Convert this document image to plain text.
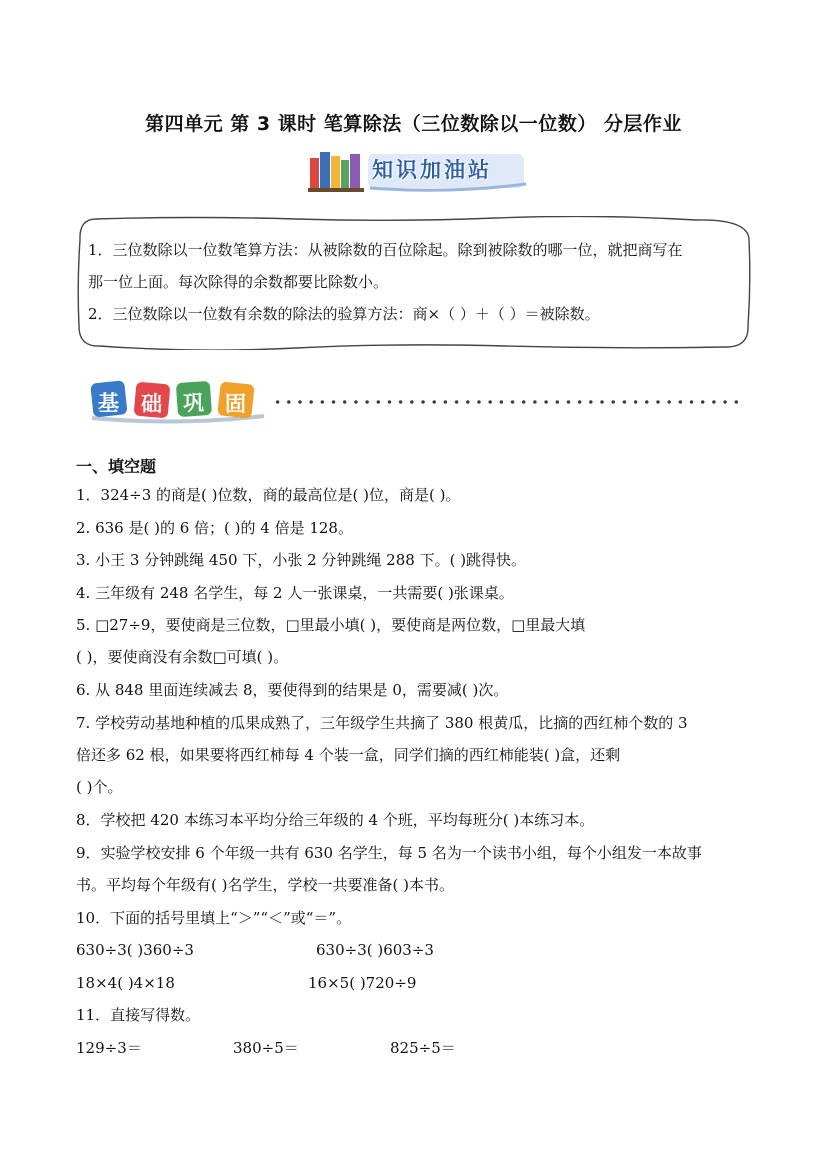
第四单元 第 3 课时 笔算除法（三位数除以一位数） 分层作业
知识加油站
1．三位数除以一位数笔算方法：从被除数的百位除起。除到被除数的哪一位，就把商写在
那一位上面。每次除得的余数都要比除数小。
2．三位数除以一位数有余数的除法的验算方法：商×（ ）＋（ ）＝被除数。
基 础 巩 固
一、填空题
1．324÷3 的商是( )位数，商的最高位是( )位，商是( )。
2. 636 是( )的 6 倍；( )的 4 倍是 128。
3. 小王 3 分钟跳绳 450 下，小张 2 分钟跳绳 288 下。( )跳得快。
4. 三年级有 248 名学生，每 2 人一张课桌，一共需要( )张课桌。
5. □27÷9，要使商是三位数，□里最小填( )，要使商是两位数，□里最大填
( )，要使商没有余数□可填( )。
6. 从 848 里面连续减去 8，要使得到的结果是 0，需要减( )次。
7. 学校劳动基地种植的瓜果成熟了，三年级学生共摘了 380 根黄瓜，比摘的西红柿个数的 3
倍还多 62 根，如果要将西红柿每 4 个装一盒，同学们摘的西红柿能装( )盒，还剩
( )个。
8．学校把 420 本练习本平均分给三年级的 4 个班，平均每班分( )本练习本。
9．实验学校安排 6 个年级一共有 630 名学生，每 5 名为一个读书小组，每个小组发一本故事
书。平均每个年级有( )名学生，学校一共要准备( )本书。
10．下面的括号里填上“＞”“＜”或“＝”。
630÷3( )360÷3	630÷3( )603÷3
18×4( )4×18	16×5( )720÷9
11．直接写得数。
129÷3＝	380÷5＝	825÷5＝
